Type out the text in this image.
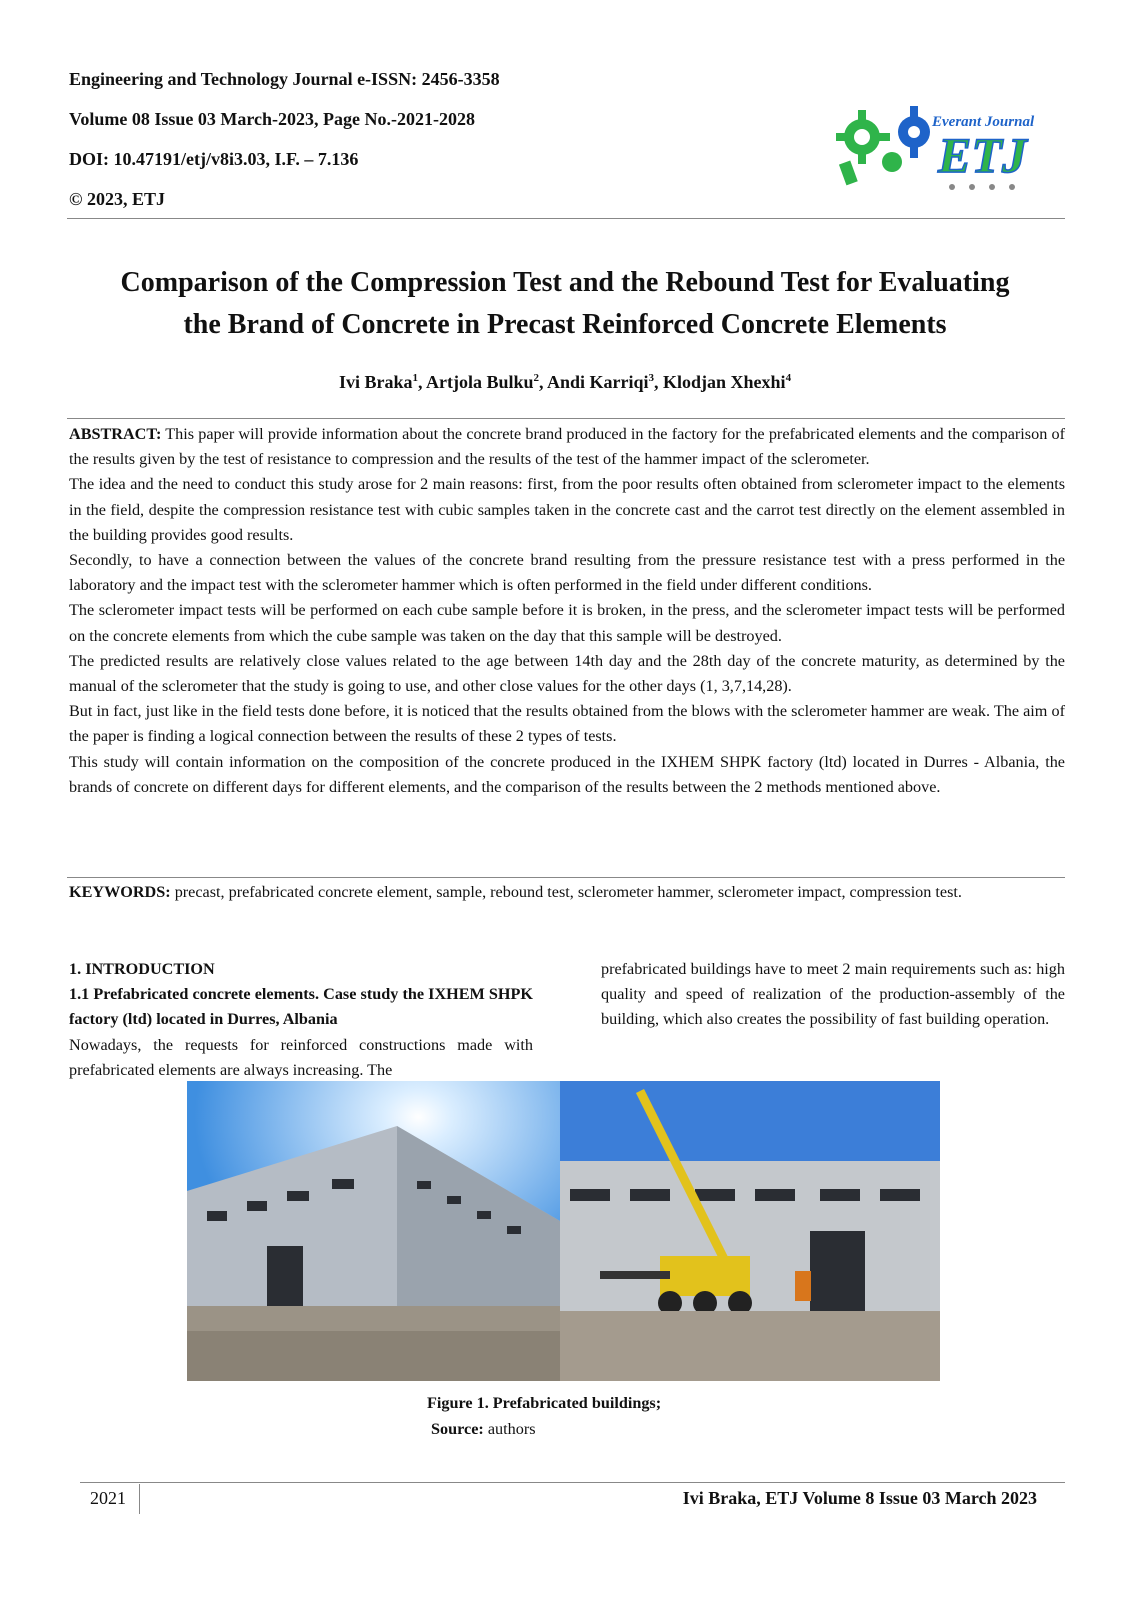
Engineering and Technology Journal e-ISSN: 2456-3358
Volume 08 Issue 03 March-2023, Page No.-2021-2028
DOI: 10.47191/etj/v8i3.03, I.F. – 7.136
© 2023, ETJ
Everant Journal
ETJ
Comparison of the Compression Test and the Rebound Test for Evaluating
the Brand of Concrete in Precast Reinforced Concrete Elements
Ivi Braka$^1$, Artjola Bulku$^2$, Andi Karriqi$^3$, Klodjan Xhexhi$^4$

ABSTRACT: This paper will provide information about the concrete brand produced in the factory for the prefabricated elements and the comparison of the results given by the test of resistance to compression and the results of the test of the hammer impact of the sclerometer.

The idea and the need to conduct this study arose for 2 main reasons: first, from the poor results often obtained from sclerometer impact to the elements in the field, despite the compression resistance test with cubic samples taken in the concrete cast and the carrot test directly on the element assembled in the building provides good results.

Secondly, to have a connection between the values of the concrete brand resulting from the pressure resistance test with a press performed in the laboratory and the impact test with the sclerometer hammer which is often performed in the field under different conditions.

The sclerometer impact tests will be performed on each cube sample before it is broken, in the press, and the sclerometer impact tests will be performed on the concrete elements from which the cube sample was taken on the day that this sample will be destroyed.

The predicted results are relatively close values related to the age between 14th day and the 28th day of the concrete maturity, as determined by the manual of the sclerometer that the study is going to use, and other close values for the other days (1, 3,7,14,28).

But in fact, just like in the field tests done before, it is noticed that the results obtained from the blows with the sclerometer hammer are weak. The aim of the paper is finding a logical connection between the results of these 2 types of tests.

This study will contain information on the composition of the concrete produced in the IXHEM SHPK factory (ltd) located in Durres - Albania, the brands of concrete on different days for different elements, and the comparison of the results between the 2 methods mentioned above.

KEYWORDS: precast, prefabricated concrete element, sample, rebound test, sclerometer hammer, sclerometer impact, compression test.

1. INTRODUCTION

1.1 Prefabricated concrete elements. Case study the IXHEM SHPK factory (ltd) located in Durres, Albania

Nowadays, the requests for reinforced constructions made with prefabricated elements are always increasing. The

prefabricated buildings have to meet 2 main requirements such as: high quality and speed of realization of the production-assembly of the building, which also creates the possibility of fast building operation.

Figure 1. Prefabricated buildings;
Source: authors
2021	Ivi Braka, ETJ Volume 8 Issue 03 March 2023
